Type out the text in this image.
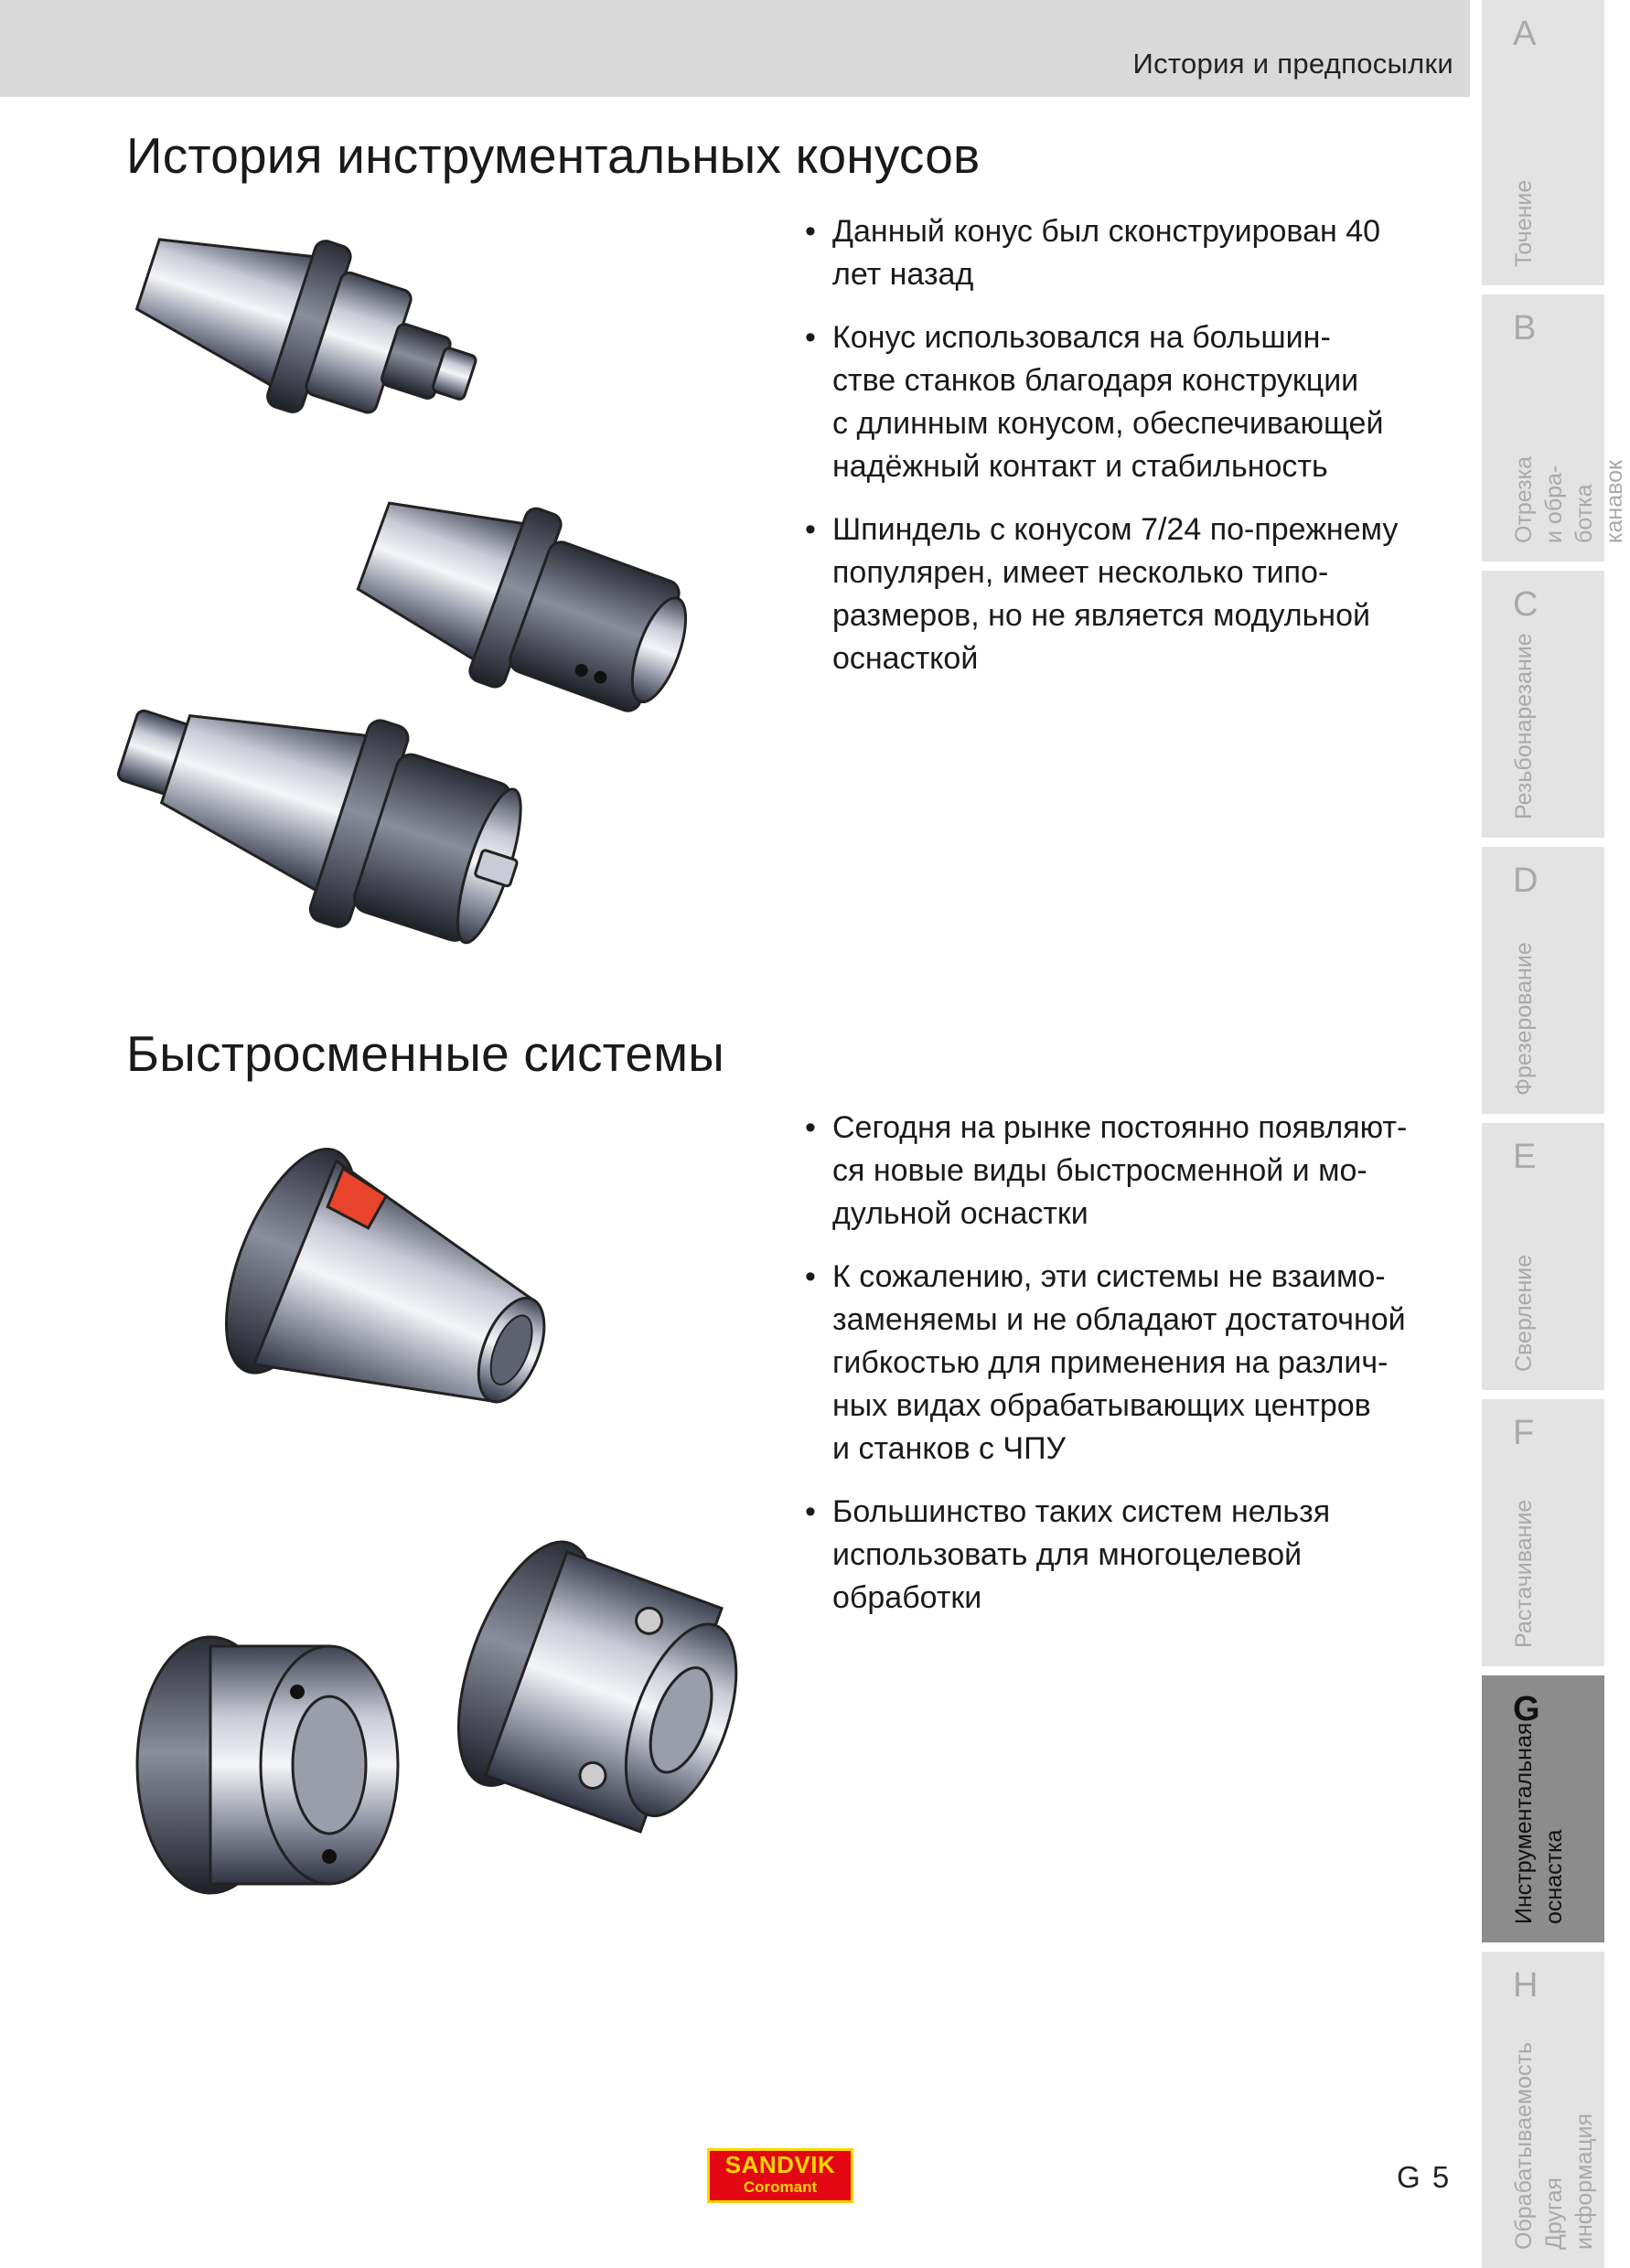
История и предпосылки
История инструментальных конусов
• Данный конус был сконструирован 40
лет назад
• Конус использовался на большин-
стве станков благодаря конструкции
с длинным конусом, обеспечивающей
надёжный контакт и стабильность
• Шпиндель с конусом 7/24 по-прежнему
популярен, имеет несколько типо-
размеров, но не является модульной
оснасткой
Быстросменные системы
• Сегодня на рынке постоянно появляют-
ся новые виды быстросменной и мо-
дульной оснастки
• К сожалению, эти системы не взаимо-
заменяемы и не обладают достаточной
гибкостью для применения на различ-
ных видах обрабатывающих центров
и станков с ЧПУ
• Большинство таких систем нельзя
использовать для многоцелевой
обработки
A
Точение
B
Отрезка и обра-
ботка канавок
C
Резьбонарезание
D
Фрезерование
E
Сверление
F
Растачивание
G
Инструментальная
оснастка
H
Обрабатываемость
Другая информация
SANDVIK
Coromant	G 5
